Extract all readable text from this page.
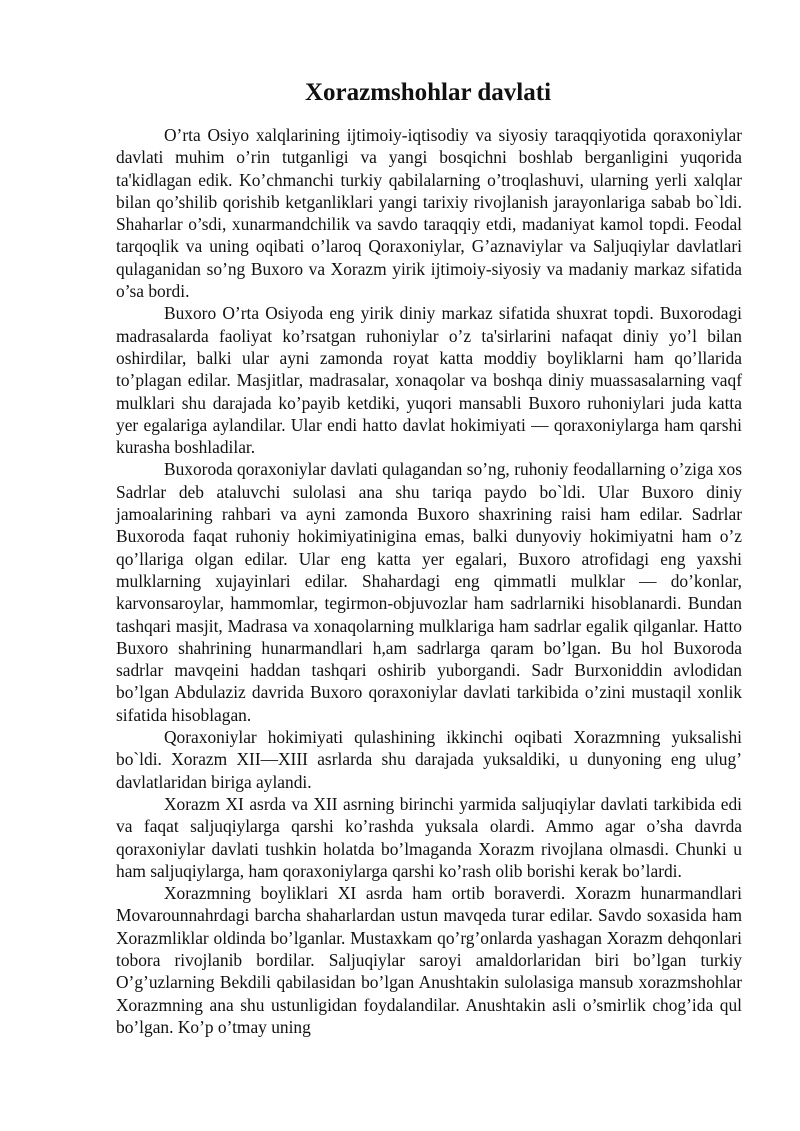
Xorazmshohlar davlati

O’rta Osiyo xalqlarining ijtimoiy-iqtisodiy va siyosiy taraqqiyotida qoraxoniylar davlati muhim o’rin tutganligi va yangi bosqichni boshlab berganligini yuqorida ta'kidlagan edik. Ko’chmanchi turkiy qabilalarning o’troqlashuvi, ularning yerli xalqlar bilan qo’shilib qorishib ketganliklari yangi tarixiy rivojlanish jarayonlariga sabab bo`ldi. Shaharlar o’sdi, xunarmandchilik va savdo taraqqiy etdi, madaniyat kamol topdi. Feodal tarqoqlik va uning oqibati o’laroq Qoraxoniylar, G’aznaviylar va Saljuqiylar davlatlari qulaganidan so’ng Buxoro va Xorazm yirik ijtimoiy-siyosiy va madaniy markaz sifatida o’sa bordi.

Buxoro O’rta Osiyoda eng yirik diniy markaz sifatida shuxrat topdi. Buxorodagi madrasalarda faoliyat ko’rsatgan ruhoniylar o’z ta'sirlarini nafaqat diniy yo’l bilan oshirdilar, balki ular ayni zamonda royat katta moddiy boyliklarni ham qo’llarida to’plagan edilar. Masjitlar, madrasalar, xonaqolar va boshqa diniy muassasalarning vaqf mulklari shu darajada ko’payib ketdiki, yuqori mansabli Buxoro ruhoniylari juda katta yer egalariga aylandilar. Ular endi hatto davlat hokimiyati — qoraxoniylarga ham qarshi kurasha boshladilar.

Buxoroda qoraxoniylar davlati qulagandan so’ng, ruhoniy feodallarning o’ziga xos Sadrlar deb ataluvchi sulolasi ana shu tariqa paydo bo`ldi. Ular Buxoro diniy jamoalarining rahbari va ayni zamonda Buxoro shaxrining raisi ham edilar. Sadrlar Buxoroda faqat ruhoniy hokimiyatinigina emas, balki dunyoviy hokimiyatni ham o’z qo’llariga olgan edilar. Ular eng katta yer egalari, Buxoro atrofidagi eng yaxshi mulklarning xujayinlari edilar. Shahardagi eng qimmatli mulklar — do’konlar, karvonsaroylar, hammomlar, tegirmon-objuvozlar ham sadrlarniki hisoblanardi. Bundan tashqari masjit, Madrasa va xonaqolarning mulklariga ham sadrlar egalik qilganlar. Hatto Buxoro shahrining hunarmandlari h,am sadrlarga qaram bo’lgan. Bu hol Buxoroda sadrlar mavqeini haddan tashqari oshirib yuborgandi. Sadr Burxoniddin avlodidan bo’lgan Abdulaziz davrida Buxoro qoraxoniylar davlati tarkibida o’zini mustaqil xonlik sifatida hisoblagan.

Qoraxoniylar hokimiyati qulashining ikkinchi oqibati Xorazmning yuksalishi bo`ldi. Xorazm XII—XIII asrlarda shu darajada yuksaldiki, u dunyoning eng ulug’ davlatlaridan biriga aylandi.

Xorazm XI asrda va XII asrning birinchi yarmida saljuqiylar davlati tarkibida edi va faqat saljuqiylarga qarshi ko’rashda yuksala olardi. Ammo agar o’sha davrda qoraxoniylar davlati tushkin holatda bo’lmaganda Xorazm rivojlana olmasdi. Chunki u ham saljuqiylarga, ham qoraxoniylarga qarshi ko’rash olib borishi kerak bo’lardi.

Xorazmning boyliklari XI asrda ham ortib boraverdi. Xorazm hunarmandlari Movarounnahrdagi barcha shaharlardan ustun mavqeda turar edilar. Savdo soxasida ham Xorazmliklar oldinda bo’lganlar. Mustaxkam qo’rg’onlarda yashagan Xorazm dehqonlari tobora rivojlanib bordilar. Saljuqiylar saroyi amaldorlaridan biri bo’lgan turkiy O’g’uzlarning Bekdili qabilasidan bo’lgan Anushtakin sulolasiga mansub xorazmshohlar Xorazmning ana shu ustunligidan foydalandilar. Anushtakin asli o’smirlik chog’ida qul bo’lgan. Ko’p o’tmay uning
